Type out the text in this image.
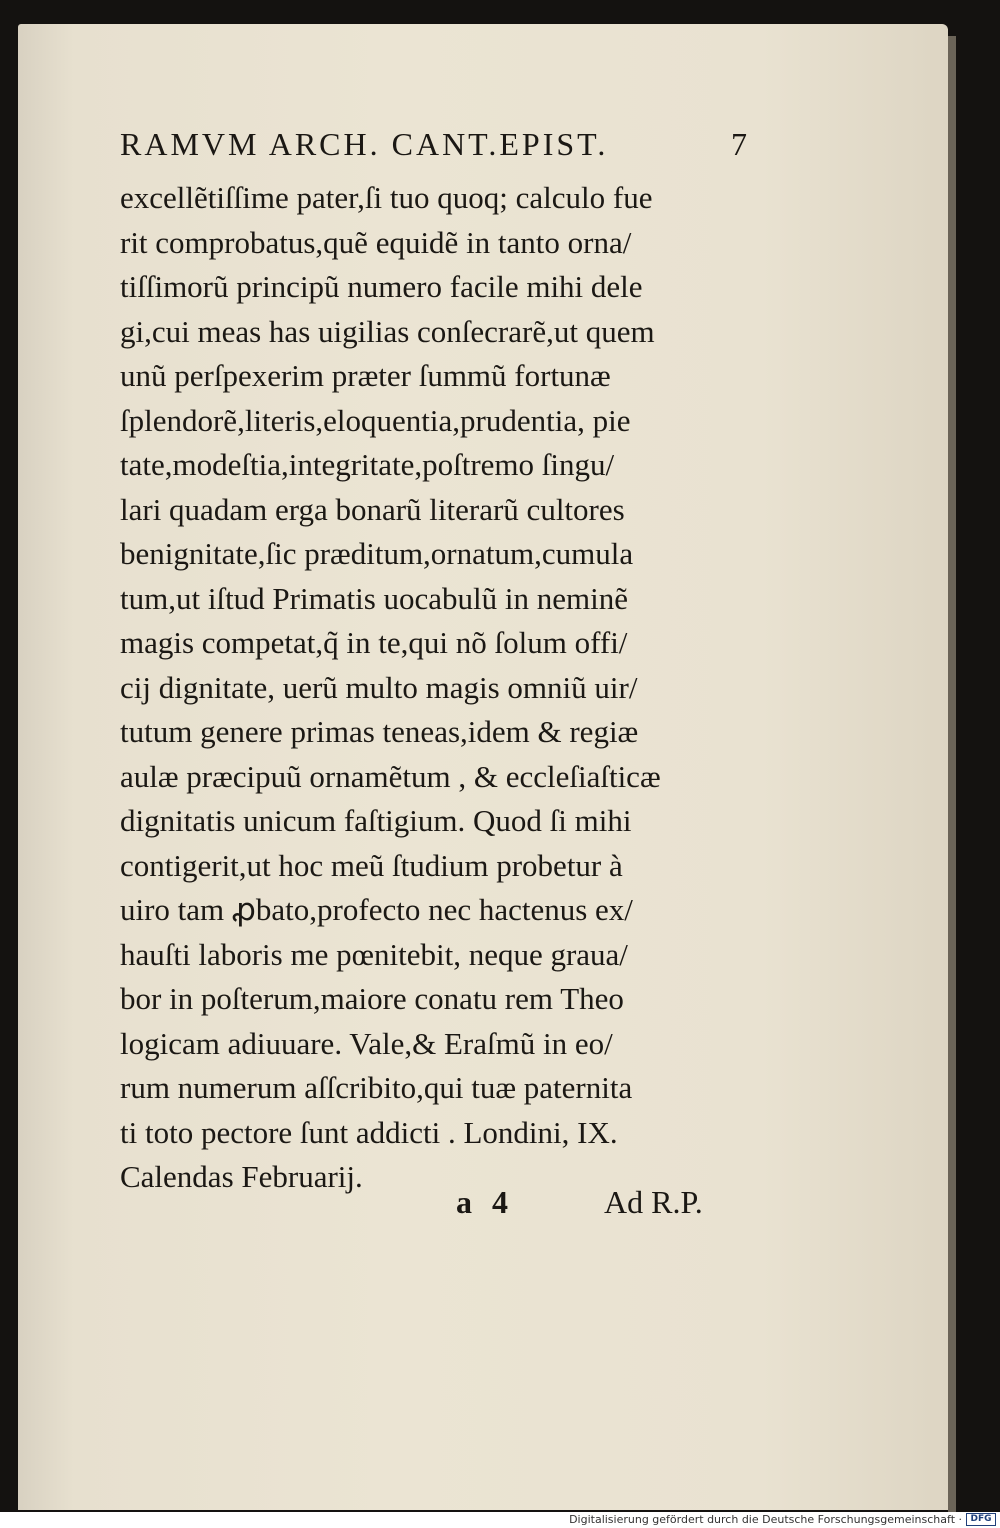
RAMVM ARCH. CANT.EPIST.	7
excellẽtiſſime pater,ſi tuo quoq; calculo fue
rit comprobatus,quẽ equidẽ in tanto orna/
tiſſimorũ principũ numero facile mihi dele
gi,cui meas has uigilias conſecrarẽ,ut quem
unũ perſpexerim præter ſummũ fortunæ
ſplendorẽ,literis,eloquentia,prudentia, pie
tate,modeſtia,integritate,poſtremo ſingu/
lari quadam erga bonarũ literarũ cultores
benignitate,ſic præditum,ornatum,cumula
tum,ut iſtud Primatis uocabulũ in neminẽ
magis competat,q̃ in te,qui nõ ſolum offi/
cij dignitate, uerũ multo magis omniũ uir/
tutum genere primas teneas,idem & regiæ
aulæ præcipuũ ornamẽtum , & eccleſiaſticæ
dignitatis unicum faſtigium. Quod ſi mihi
contigerit,ut hoc meũ ſtudium probetur à
uiro tam ꝓbato,profecto nec hactenus ex/
hauſti laboris me pœnitebit, neque graua/
bor in poſterum,maiore conatu rem Theo
logicam adiuuare. Vale,& Eraſmũ in eo/
rum numerum aſſcribito,qui tuæ paternita
ti toto pectore ſunt addicti . Londini, IX.
Calendas Februarij.
a 4	Ad R.P.
Digitalisierung gefördert durch die Deutsche Forschungsgemeinschaft · DFG
